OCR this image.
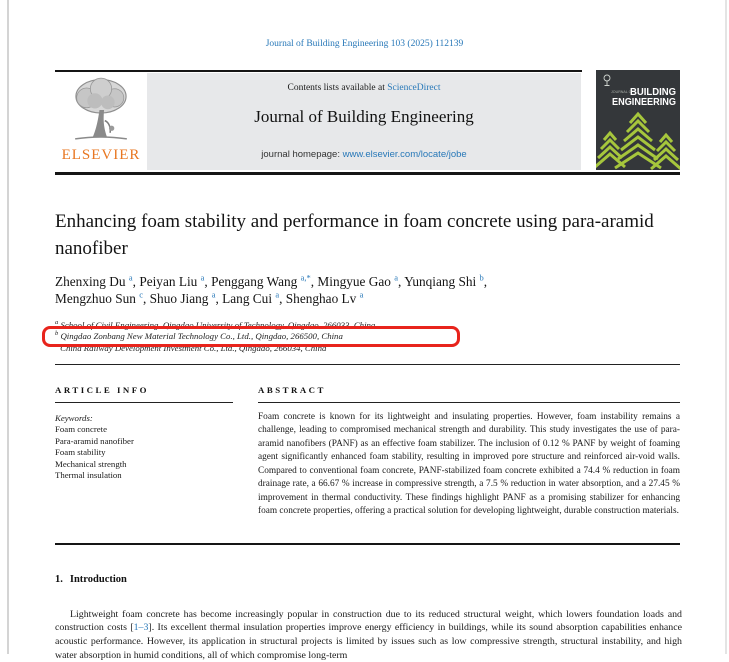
Journal of Building Engineering 103 (2025) 112139
ELSEVIER
Contents lists available at ScienceDirect
Journal of Building Engineering
journal homepage: www.elsevier.com/locate/jobe
JOURNAL OF
BUILDING
ENGINEERING
Enhancing foam stability and performance in foam concrete using para-aramid nanofiber
Zhenxing Du $^a$, Peiyan Liu $^a$, Penggang Wang $^{a,*}$, Mingyue Gao $^a$, Yunqiang Shi $^b$,
Mengzhuo Sun $^c$, Shuo Jiang $^a$, Lang Cui $^a$, Shenghao Lv $^a$
$^a$ School of Civil Engineering, Qingdao University of Technology, Qingdao, 266033, China
$^b$ Qingdao Zonbang New Material Technology Co., Ltd., Qingdao, 266500, China
$^c$ China Railway Development Investment Co., Ltd., Qingdao, 266034, China
ARTICLE INFO	ABSTRACT
Keywords:
Foam concrete
Para-aramid nanofiber
Foam stability
Mechanical strength
Thermal insulation
Foam concrete is known for its lightweight and insulating properties. However, foam instability remains a challenge, leading to compromised mechanical strength and durability. This study investigates the use of para-aramid nanofibers (PANF) as an effective foam stabilizer. The inclusion of 0.12 % PANF by weight of foaming agent significantly enhanced foam stability, resulting in improved pore structure and reinforced air-void walls. Compared to conventional foam concrete, PANF-stabilized foam concrete exhibited a 74.4 % reduction in foam drainage rate, a 66.67 % increase in compressive strength, a 7.5 % reduction in water absorption, and a 27.45 % improvement in thermal conductivity. These findings highlight PANF as a promising stabilizer for enhancing foam concrete properties, offering a practical solution for developing lightweight, durable construction materials.
1. Introduction

Lightweight foam concrete has become increasingly popular in construction due to its reduced structural weight, which lowers foundation loads and construction costs [1–3]. Its excellent thermal insulation properties improve energy efficiency in buildings, while its sound absorption capabilities enhance acoustic performance. However, its application in structural projects is limited by issues such as low compressive strength, structural instability, and high water absorption in humid conditions, all of which compromise long-term
